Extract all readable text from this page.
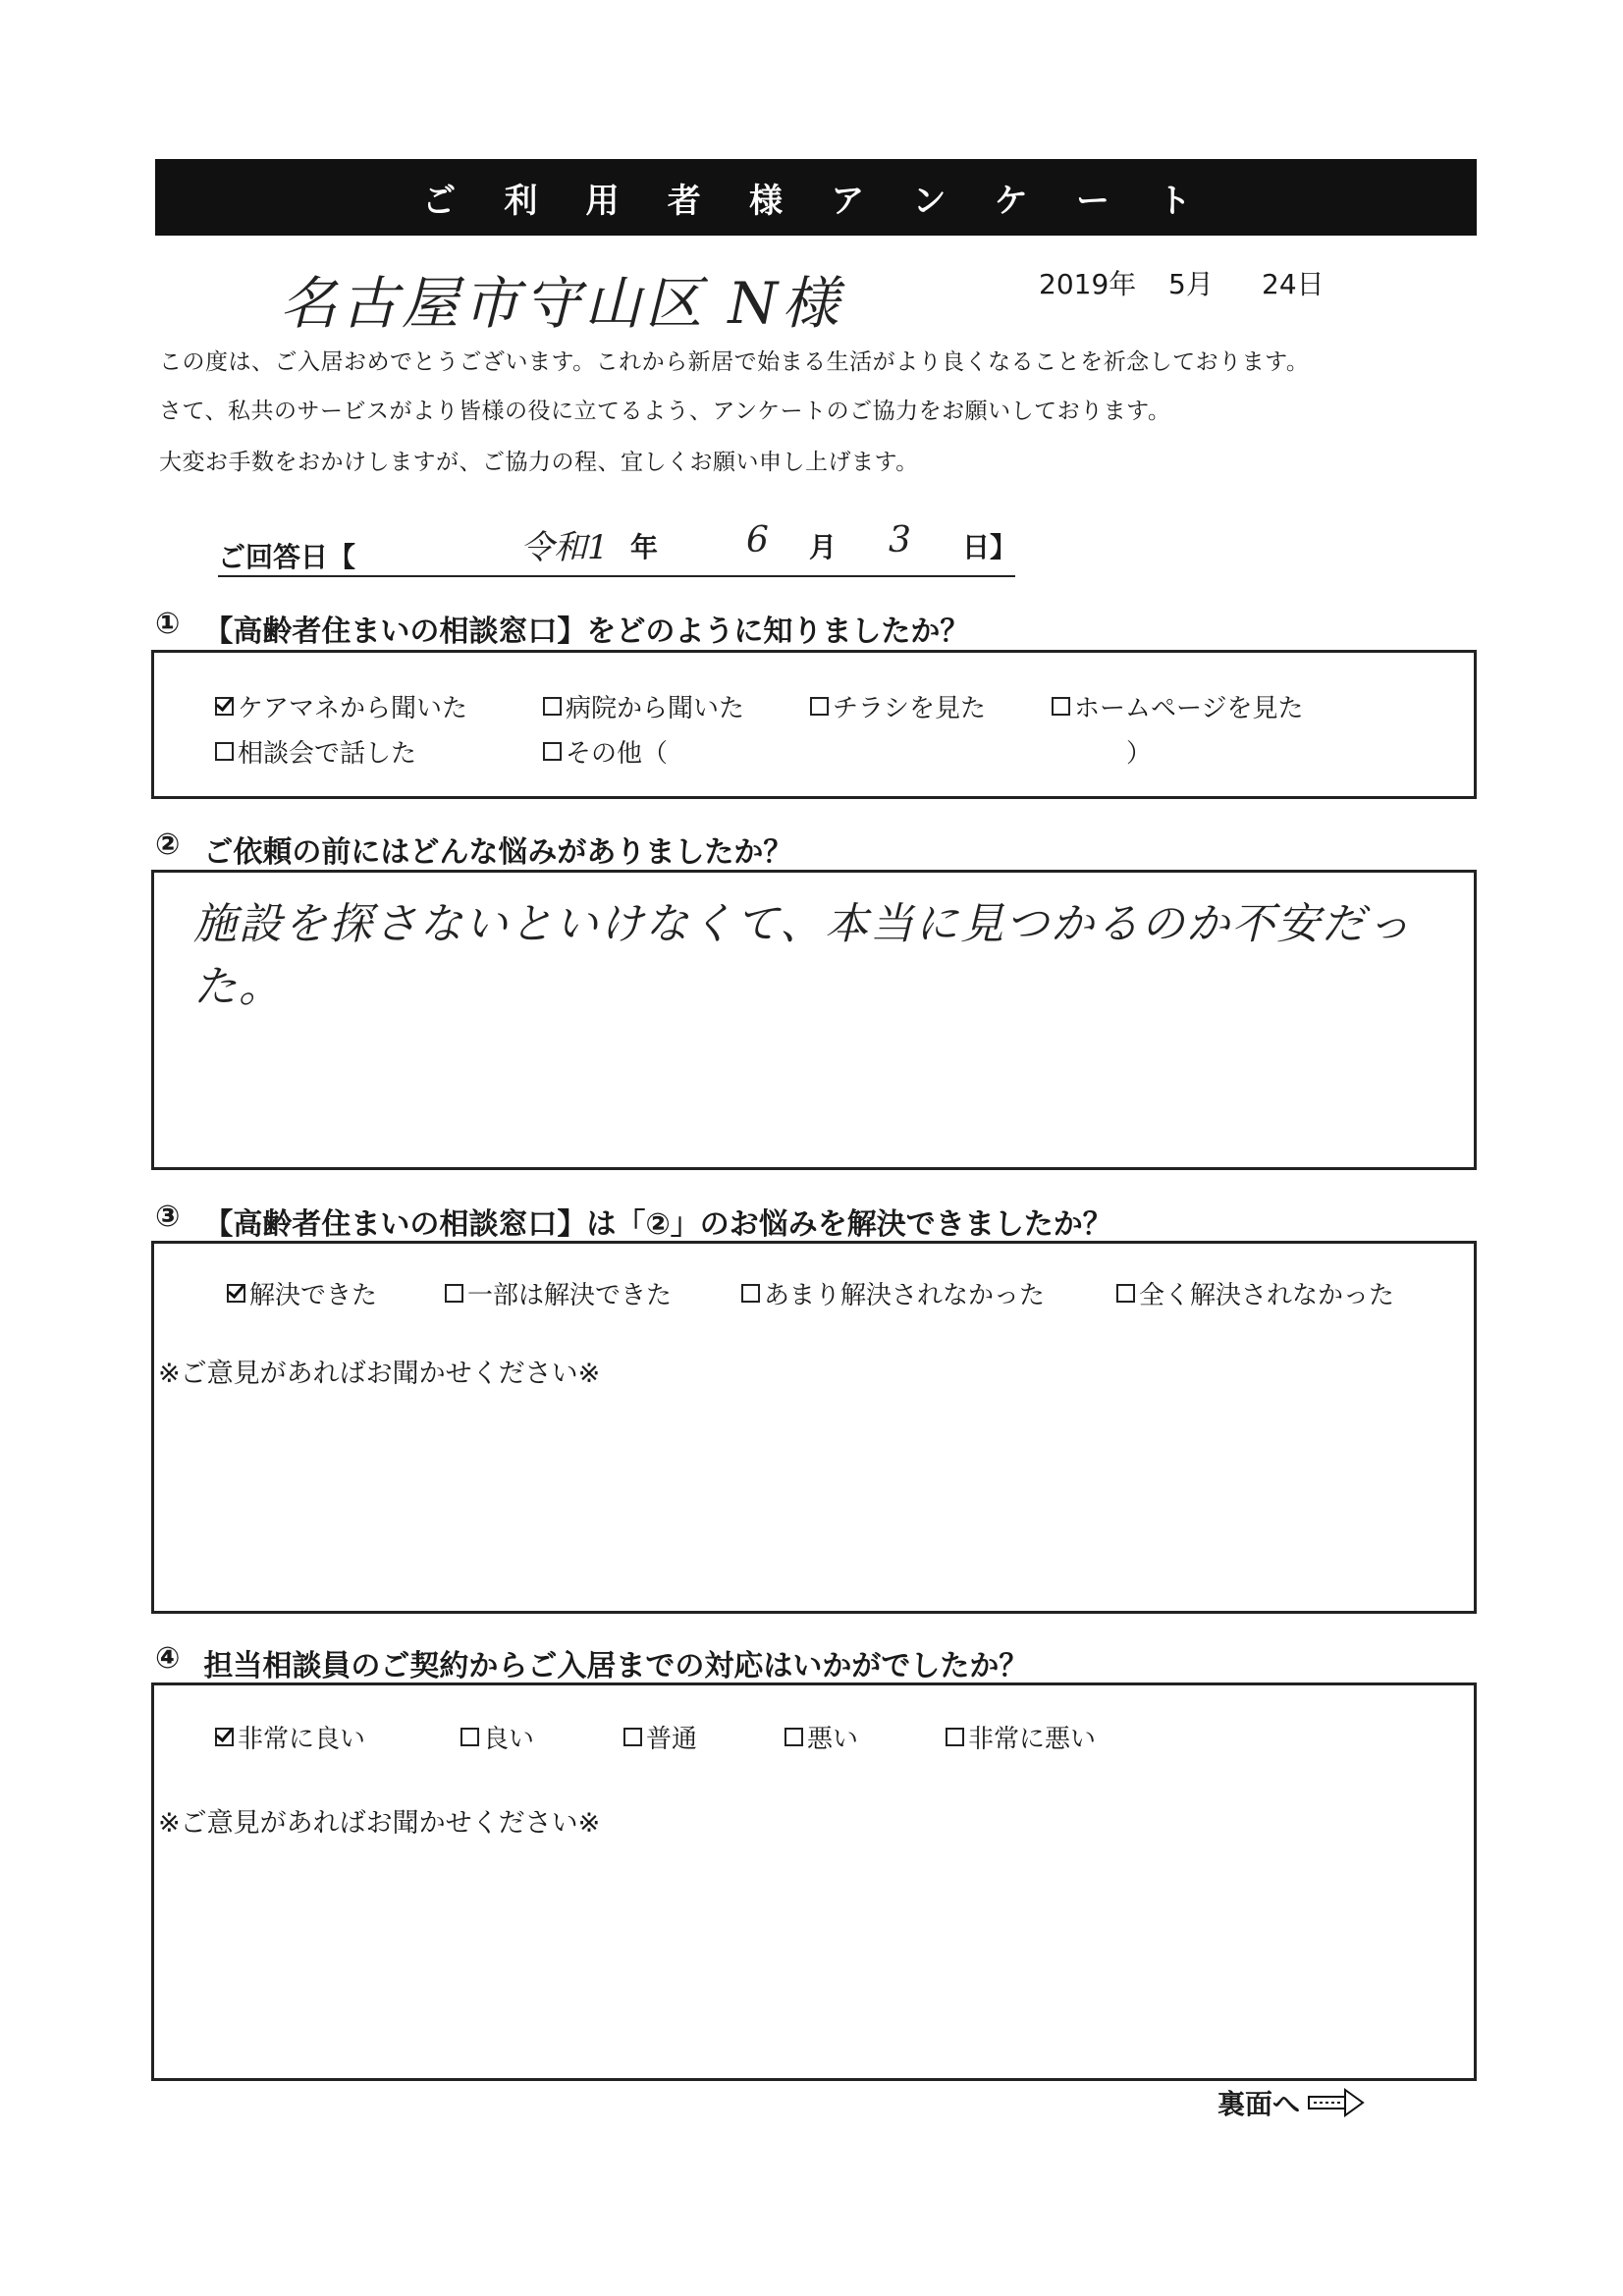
ご 利 用 者 様 ア ン ケ ー ト
名古屋市守山区 N様	2019年 5月 24日
この度は、ご入居おめでとうございます。これから新居で始まる生活がより良くなることを祈念しております。
さて、私共のサービスがより皆様の役に立てるよう、アンケートのご協力をお願いしております。
大変お手数をおかけしますが、ご協力の程、宜しくお願い申し上げます。
ご回答日【	令和1 年 6 月 3 日】
① 【高齢者住まいの相談窓口】をどのように知りましたか？
ケアマネから聞いた	病院から聞いた	チラシを見た	ホームページを見た
相談会で話した	その他（	）
② ご依頼の前にはどんな悩みがありましたか？
施設を探さないといけなくて、本当に見つかるのか不安だった。
③ 【高齢者住まいの相談窓口】は「②」のお悩みを解決できましたか？
解決できた	一部は解決できた	あまり解決されなかった	全く解決されなかった
※ご意見があればお聞かせください※
④ 担当相談員のご契約からご入居までの対応はいかがでしたか？
非常に良い	良い	普通	悪い	非常に悪い
※ご意見があればお聞かせください※
裏面へ
